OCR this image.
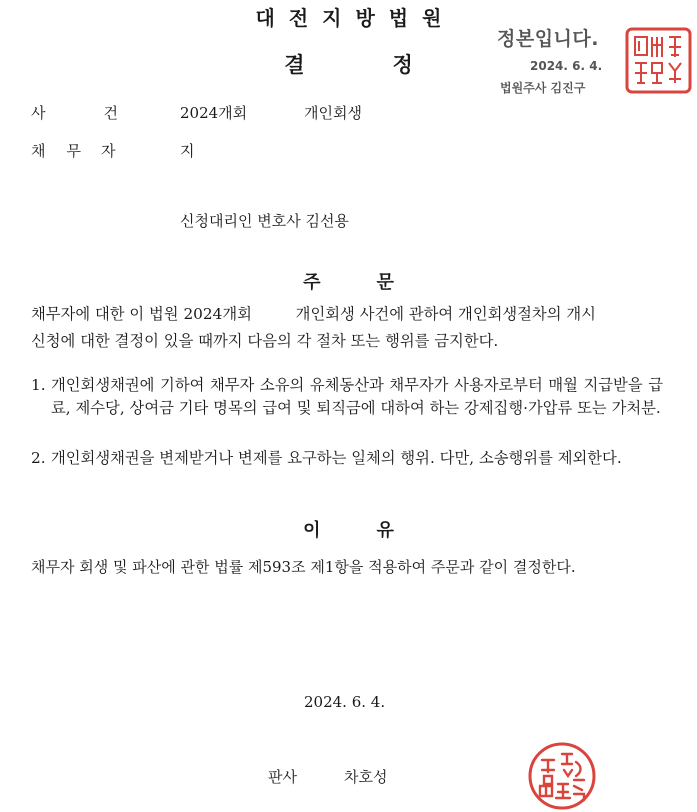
대전지방법원
결	정
정본입니다.
2024. 6. 4.
법원주사 김진구
사	건	2024개회	개인회생
채 무 자	지
신청대리인 변호사 김선용
주	문
채무자에 대한 이 법원 2024개회         개인회생 사건에 관하여 개인회생절차의 개시
신청에 대한 결정이 있을 때까지 다음의 각 절차 또는 행위를 금지한다.
1. 개인회생채권에 기하여 채무자 소유의 유체동산과 채무자가 사용자로부터 매월 지급받을 급료, 제수당, 상여금 기타 명목의 급여 및 퇴직금에 대하여 하는 강제집행·가압류 또는 가처분.
2. 개인회생채권을 변제받거나 변제를 요구하는 일체의 행위. 다만, 소송행위를 제외한다.
이	유
채무자 회생 및 파산에 관한 법률 제593조 제1항을 적용하여 주문과 같이 결정한다.
2024. 6. 4.
판사	차호성
